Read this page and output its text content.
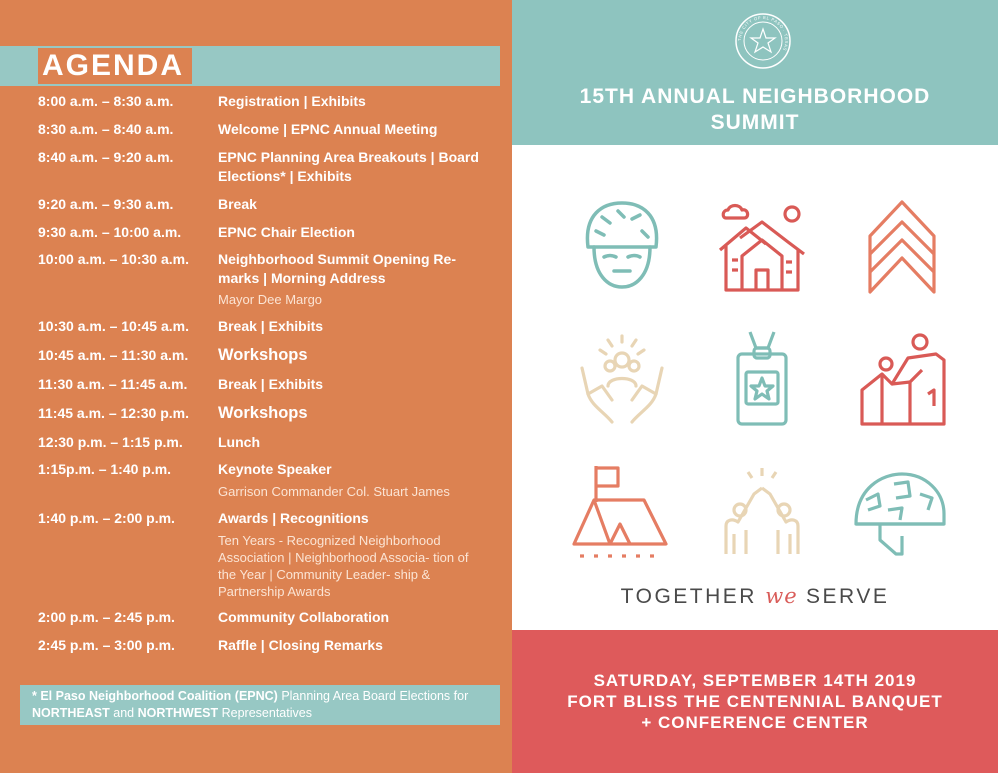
AGENDA
8:00 a.m. – 8:30 a.m.	Registration | Exhibits
8:30 a.m. – 8:40 a.m.	Welcome | EPNC Annual Meeting
8:40 a.m. – 9:20 a.m.	EPNC Planning Area Breakouts | Board Elections* | Exhibits
9:20 a.m. – 9:30 a.m.	Break
9:30 a.m. – 10:00 a.m.	EPNC Chair Election
10:00 a.m. – 10:30 a.m.	Neighborhood Summit Opening Re- marks | Morning Address
Mayor Dee Margo
10:30 a.m. – 10:45 a.m.	Break | Exhibits
10:45 a.m. – 11:30 a.m.	Workshops
11:30 a.m. – 11:45 a.m.	Break | Exhibits
11:45 a.m. – 12:30 p.m.	Workshops
12:30 p.m. – 1:15 p.m.	Lunch
1:15p.m. – 1:40 p.m.	Keynote Speaker
Garrison Commander Col. Stuart James
1:40 p.m. – 2:00 p.m.	Awards | Recognitions
Ten Years - Recognized Neighborhood Association | Neighborhood Associa- tion of the Year | Community Leader- ship & Partnership Awards
2:00 p.m. – 2:45 p.m.	Community Collaboration
2:45 p.m. – 3:00 p.m.	Raffle | Closing Remarks
* El Paso Neighborhood Coalition (EPNC) Planning Area Board Elections for NORTHEAST and NORTHWEST Representatives
THE CITY OF EL PASO · TEXAS
15TH ANNUAL NEIGHBORHOOD
SUMMIT
TOGETHER we SERVE
SATURDAY, SEPTEMBER 14TH 2019
FORT BLISS THE CENTENNIAL BANQUET
+ CONFERENCE CENTER
